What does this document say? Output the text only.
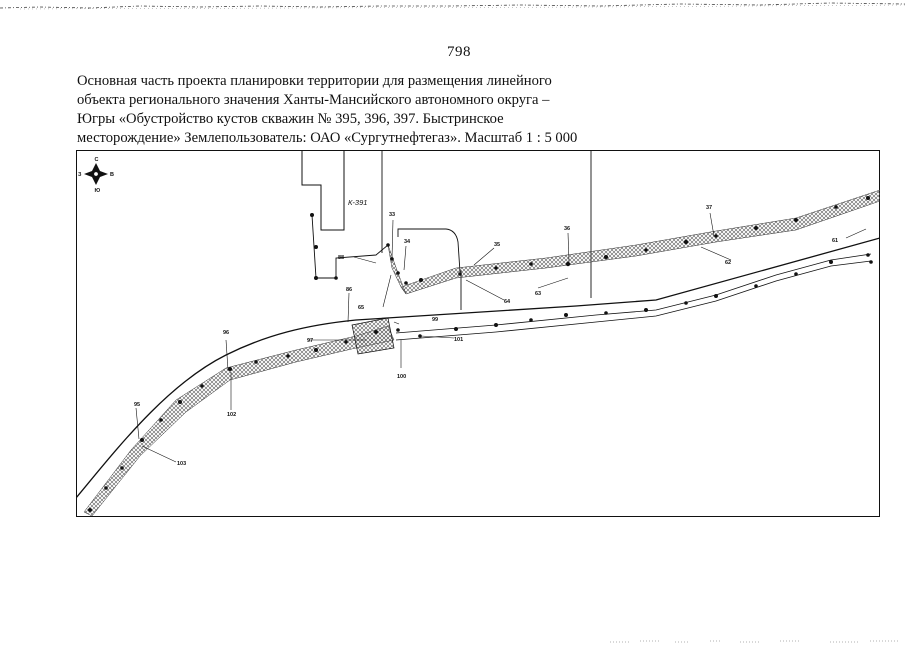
798

Основная часть проекта планировки территории для размещения линейного
объекта регионального значения Ханты-Мансийского автономного округа –
Югры «Обустройство кустов скважин № 395, 396, 397. Быстринское
месторождение» Землепользователь: ОАО «Сургутнефтегаз». Масштаб 1 : 5 000

С
З	В
Ю
К-391
33
34	35
36
37
61
62
63
64
65
86
88
95
96
97
99
100
101
102
103
